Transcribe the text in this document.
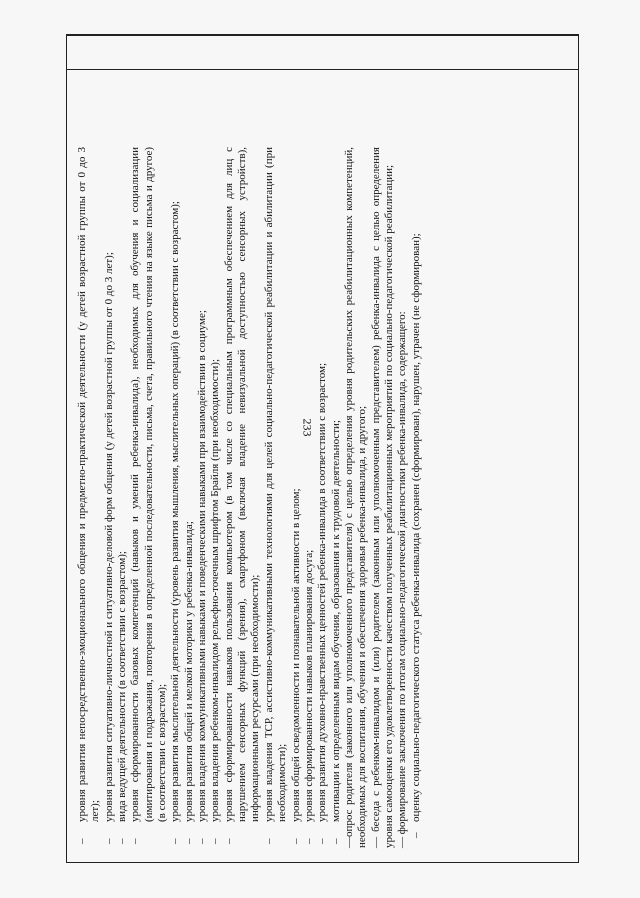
233

–
уровня развития непосредственно-эмоционального общения и предметно-практической деятельности (у детей возрастной группы от 0 до 3 лет);

–
уровня развития ситуативно-личностной и ситуативно-деловой форм общения (у детей возрастной группы от 0 до 3 лет);

–
вида ведущей деятельности (в соответствии с возрастом);

–
уровня сформированности базовых компетенций (навыков и умений ребенка-инвалида), необходимых для обучения и социализации (имитирования и подражания, повторения в определенной последовательности, письма, счета, правильного чтения на языке письма и другое) (в соответствии с возрастом);

–
уровня развития мыслительной деятельности (уровень развития мышления, мыслительных операций) (в соответствии с возрастом);

–
уровня развития общей и мелкой моторики у ребенка-инвалида;

–
уровня владения коммуникативными навыками и поведенческими навыками при взаимодействии в социуме;

–
уровня владения ребенком-инвалидом рельефно-точечным шрифтом Брайля (при необходимости);

–
уровня сформированности навыков пользования компьютером (в том числе со специальным программным обеспечением для лиц с нарушением сенсорных функций (зрения), смартфоном (включая владение невизуальной доступностью сенсорных устройств), информационными ресурсами (при необходимости);

–
уровня владения ТСР, ассистивно-коммуникативными технологиями для целей социально-педагогической реабилитации и абилитации (при необходимости);

–
уровня общей осведомленности и познавательной активности в целом;

–
уровня сформированности навыков планирования досуга;

–
уровня развития духовно-нравственных ценностей ребенка-инвалида в соответствии с возрастом;

–
мотивации к определенным видам обучения, образования и к трудовой деятельности; —опрос родителя (законного или уполномоченного представителя) с целью определения уровня родительских реабилитационных компетенций, необходимых для воспитания, обучения и обеспечения здоровья ребенка-инвалида, и другого; — беседа с ребенком-инвалидом и (или) родителем (законным или уполномоченным представителем) ребенка-инвалида с целью определения уровня самооценки его удовлетворенности качеством полученных реабилитационных мероприятий по социально-педагогической реабилитации; — формирование заключения по итогам социально-педагогической диагностики ребенка-инвалида, содержащего: –
оценку социально-педагогического статуса ребенка-инвалида (сохранен (сформирован), нарушен, утрачен (не сформирован);
